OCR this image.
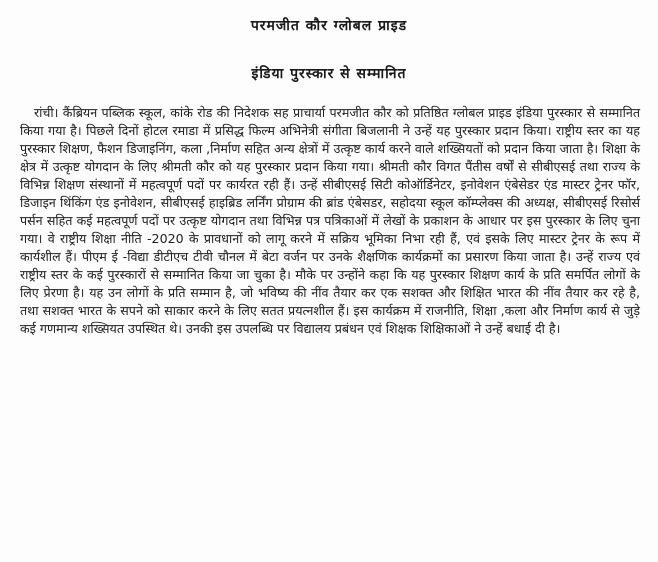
परमजीत कौर ग्लोबल प्राइड
इंडिया पुरस्कार से सम्मानित

रांची। कैंब्रियन पब्लिक स्कूल, कांके रोड की निदेशक सह प्राचार्या परमजीत कौर को प्रतिष्ठित ग्लोबल प्राइड इंडिया पुरस्कार से सम्मानित किया गया है। पिछले दिनों होटल रमाडा में प्रसिद्ध फिल्म अभिनेत्री संगीता बिजलानी ने उन्हें यह पुरस्कार प्रदान किया। राष्ट्रीय स्तर का यह पुरस्कार शिक्षण, फैशन डिजाइनिंग, कला ,निर्माण सहित अन्य क्षेत्रों में उत्कृष्ट कार्य करने वाले शख्सियतों को प्रदान किया जाता है। शिक्षा के क्षेत्र में उत्कृष्ट योगदान के लिए श्रीमती कौर को यह पुरस्कार प्रदान किया गया। श्रीमती कौर विगत पैंतीस वर्षों से सीबीएसई तथा राज्य के विभिन्न शिक्षण संस्थानों में महत्वपूर्ण पदों पर कार्यरत रही हैं। उन्हें सीबीएसई सिटी कोऑर्डिनेटर, इनोवेशन एंबेसेडर एंड मास्टर ट्रेनर फॉर, डिजाइन थिंकिंग एंड इनोवेशन, सीबीएसई हाइब्रिड लर्निंग प्रोग्राम की ब्रांड एंबेसडर, सहोदया स्कूल कॉम्प्लेक्स की अध्यक्ष, सीबीएसई रिसोर्स पर्सन सहित कई महत्वपूर्ण पदों पर उत्कृष्ट योगदान तथा विभिन्न पत्र पत्रिकाओं में लेखों के प्रकाशन के आधार पर इस पुरस्कार के लिए चुना गया। वे राष्ट्रीय शिक्षा नीति -2020 के प्रावधानों को लागू करने में सक्रिय भूमिका निभा रही हैं, एवं इसके लिए मास्टर ट्रेनर के रूप में कार्यशील हैं। पीएम ई -विद्या डीटीएच टीवी चौनल में बेटा वर्जन पर उनके शैक्षणिक कार्यक्रमों का प्रसारण किया जाता है। उन्हें राज्य एवं राष्ट्रीय स्तर के कई पुरस्कारों से सम्मानित किया जा चुका है। मौके पर उन्होंने कहा कि यह पुरस्कार शिक्षण कार्य के प्रति समर्पित लोगों के लिए प्रेरणा है। यह उन लोगों के प्रति सम्मान है, जो भविष्य की नींव तैयार कर एक सशक्त और शिक्षित भारत की नींव तैयार कर रहे है, तथा सशक्त भारत के सपने को साकार करने के लिए सतत प्रयत्नशील हैं। इस कार्यक्रम में राजनीति, शिक्षा ,कला और निर्माण कार्य से जुड़े कई गणमान्य शख्सियत उपस्थित थे। उनकी इस उपलब्धि पर विद्यालय प्रबंधन एवं शिक्षक शिक्षिकाओं ने उन्हें बधाई दी है।
